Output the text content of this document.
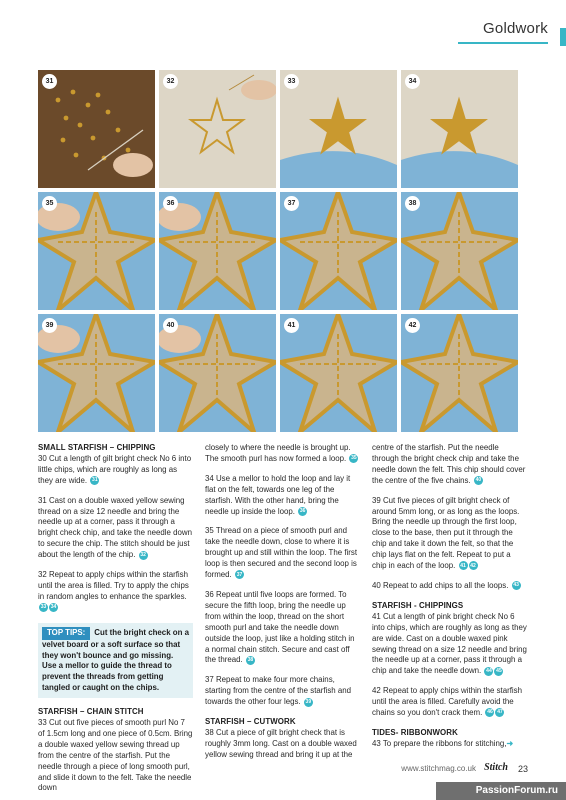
Goldwork
31	32	33	34
35	36	37	38
39	40	41	42
SMALL STARFISH – CHIPPING
30 Cut a length of gilt bright check No 6 into little chips, which are roughly as long as they are wide. 31
31 Cast on a double waxed yellow sewing thread on a size 12 needle and bring the needle up at a corner, pass it through a bright check chip, and take the needle down to secure the chip. The stitch should be just about the length of the chip. 32
32 Repeat to apply chips within the starfish until the area is filled. Try to apply the chips in random angles to enhance the sparkles. 33 34
TOP TIPS: Cut the bright check on a velvet board or a soft surface so that they won't bounce and go missing. Use a mellor to guide the thread to prevent the threads from getting tangled or caught on the chips.
STARFISH – CHAIN STITCH
33 Cut out five pieces of smooth purl No 7 of 1.5cm long and one piece of 0.5cm. Bring a double waxed yellow sewing thread up from the centre of the starfish. Put the needle through a piece of long smooth purl, and slide it down to the felt. Take the needle down
closely to where the needle is brought up. The smooth purl has now formed a loop. 35
34 Use a mellor to hold the loop and lay it flat on the felt, towards one leg of the starfish. With the other hand, bring the needle up inside the loop. 36
35 Thread on a piece of smooth purl and take the needle down, close to where it is brought up and still within the loop. The first loop is then secured and the second loop is formed. 37
36 Repeat until five loops are formed. To secure the fifth loop, bring the needle up from within the loop, thread on the short smooth purl and take the needle down outside the loop, just like a holding stitch in a normal chain stitch. Secure and cast off the thread. 38
37 Repeat to make four more chains, starting from the centre of the starfish and towards the other four legs. 39
STARFISH – CUTWORK
38 Cut a piece of gilt bright check that is roughly 3mm long. Cast on a double waxed yellow sewing thread and bring it up at the
centre of the starfish. Put the needle through the bright check chip and take the needle down the felt. This chip should cover the centre of the five chains. 40
39 Cut five pieces of gilt bright check of around 5mm long, or as long as the loops. Bring the needle up through the first loop, close to the base, then put it through the chip and take it down the felt, so that the chip lays flat on the felt. Repeat to put a chip in each of the loop. 41 42
40 Repeat to add chips to all the loops. 43
STARFISH - CHIPPINGS
41 Cut a length of pink bright check No 6 into chips, which are roughly as long as they are wide. Cast on a double waxed pink sewing thread on a size 12 needle and bring the needle up at a corner, pass it through a chip and take the needle down. 44 45
42 Repeat to apply chips within the starfish until the area is filled. Carefully avoid the chains so you don't crack them. 46 47
TIDES- RIBBONWORK
43 To prepare the ribbons for stitching,➜
www.stitchmag.co.uk Stitch 23
PassionForum.ru
